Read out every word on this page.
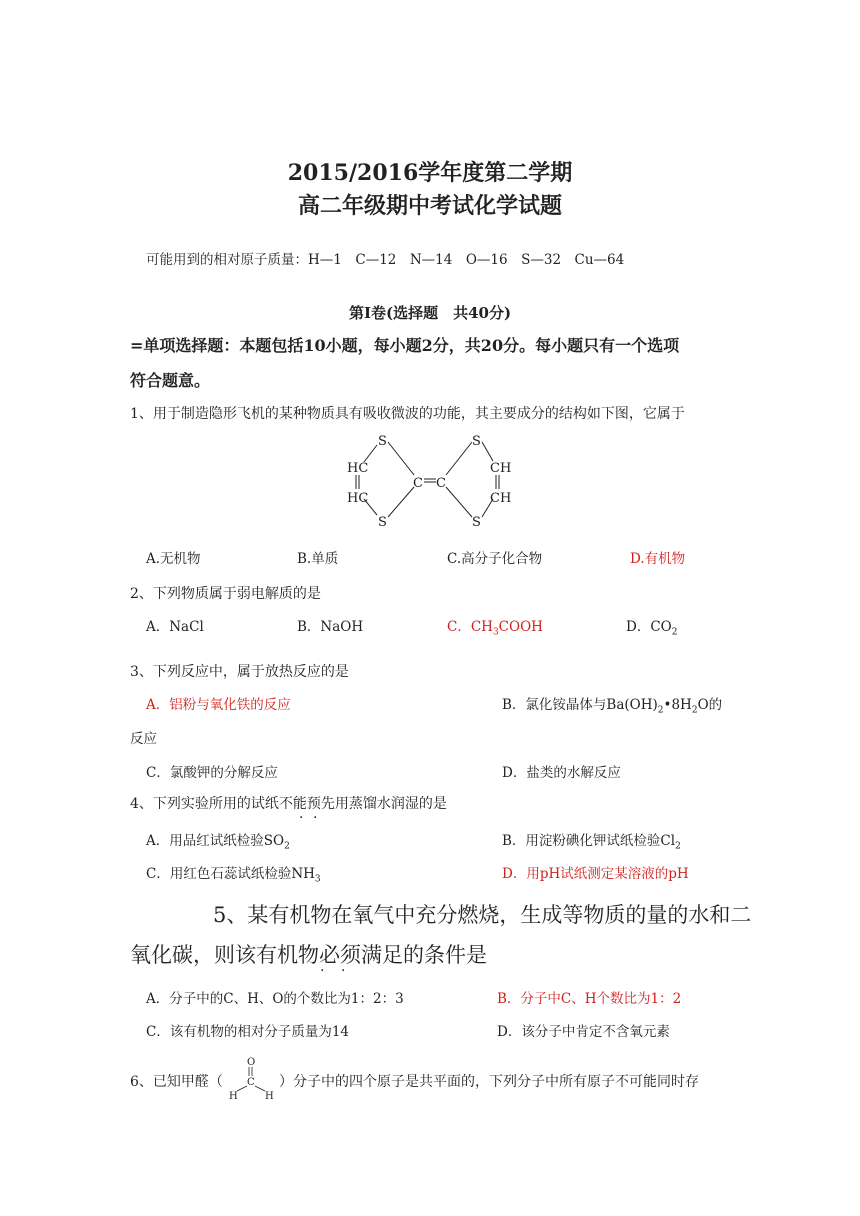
2015/2016学年度第二学期
高二年级期中考试化学试题
可能用到的相对原子质量：H—1　C—12　N—14　O—16　S—32　Cu—64
第Ⅰ卷(选择题　共40分)
=单项选择题：本题包括10小题，每小题2分，共20分。每小题只有一个选项
符合题意。
1、用于制造隐形飞机的某种物质具有吸收微波的功能，其主要成分的结构如下图，它属于
S
HC
HC
S
C C
S
CH
CH
S
A.无机物	B.单质	C.高分子化合物	D.有机物
2、下列物质属于弱电解质的是
A．NaCl	B．NaOH	C．$CH_3COOH$	D．$CO_2$
3、下列反应中，属于放热反应的是
A．铝粉与氧化铁的反应	B．氯化铵晶体与$Ba(OH)_2•8H_2O$的
反应
C．氯酸钾的分解反应	D．盐类的水解反应
4、下列实验所用的试纸不能预先用蒸馏水润湿的是
· ·
A．用品红试纸检验$SO_2$	B．用淀粉碘化钾试纸检验$Cl_2$
C．用红色石蕊试纸检验$NH_3$	D．用pH试纸测定某溶液的pH
5、某有机物在氧气中充分燃烧，生成等物质的量的水和二
氧化碳，则该有机物必须满足的条件是
· ·
A．分子中的C、H、O的个数比为1：2：3	B．分子中C、H个数比为1：2
C．该有机物的相对分子质量为14	D．该分子中肯定不含氧元素
6、已知甲醛（
O
C
H	H
）分子中的四个原子是共平面的，下列分子中所有原子不可能同时存
